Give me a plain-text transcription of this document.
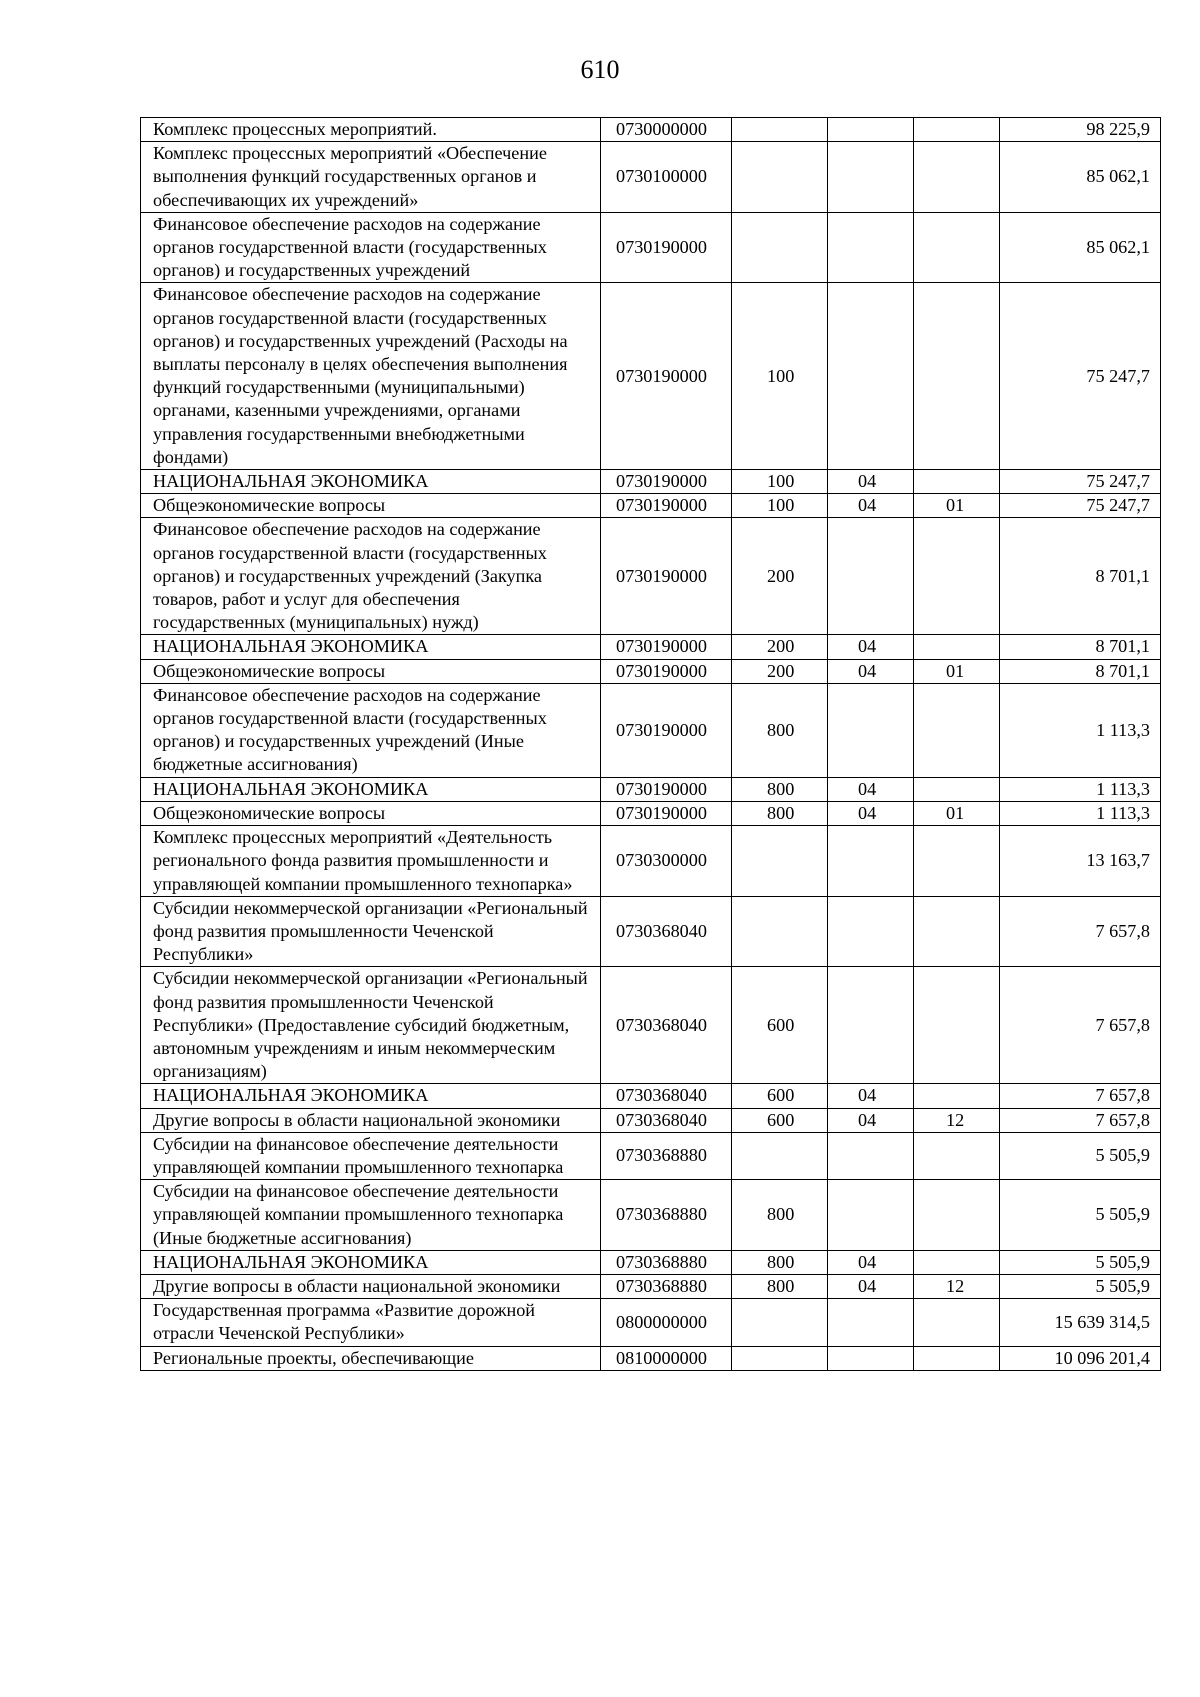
610
Комплекс процессных мероприятий.	0730000000				98 225,9
Комплекс процессных мероприятий «Обеспечение выполнения функций государственных органов и обеспечивающих их учреждений»	0730100000				85 062,1
Финансовое обеспечение расходов на содержание органов государственной власти (государственных органов) и государственных учреждений	0730190000				85 062,1
Финансовое обеспечение расходов на содержание органов государственной власти (государственных органов) и государственных учреждений (Расходы на выплаты персоналу в целях обеспечения выполнения функций государственными (муниципальными) органами, казенными учреждениями, органами управления государственными внебюджетными фондами)	0730190000	100			75 247,7
НАЦИОНАЛЬНАЯ ЭКОНОМИКА	0730190000	100	04		75 247,7
Общеэкономические вопросы	0730190000	100	04	01	75 247,7
Финансовое обеспечение расходов на содержание органов государственной власти (государственных органов) и государственных учреждений (Закупка товаров, работ и услуг для обеспечения государственных (муниципальных) нужд)	0730190000	200			8 701,1
НАЦИОНАЛЬНАЯ ЭКОНОМИКА	0730190000	200	04		8 701,1
Общеэкономические вопросы	0730190000	200	04	01	8 701,1
Финансовое обеспечение расходов на содержание органов государственной власти (государственных органов) и государственных учреждений (Иные бюджетные ассигнования)	0730190000	800			1 113,3
НАЦИОНАЛЬНАЯ ЭКОНОМИКА	0730190000	800	04		1 113,3
Общеэкономические вопросы	0730190000	800	04	01	1 113,3
Комплекс процессных мероприятий «Деятельность регионального фонда развития промышленности и управляющей компании промышленного технопарка»	0730300000				13 163,7
Субсидии некоммерческой организации «Региональный фонд развития промышленности Чеченской Республики»	0730368040				7 657,8
Субсидии некоммерческой организации «Региональный фонд развития промышленности Чеченской Республики» (Предоставление субсидий бюджетным, автономным учреждениям и иным некоммерческим организациям)	0730368040	600			7 657,8
НАЦИОНАЛЬНАЯ ЭКОНОМИКА	0730368040	600	04		7 657,8
Другие вопросы в области национальной экономики	0730368040	600	04	12	7 657,8
Субсидии на финансовое обеспечение деятельности управляющей компании промышленного технопарка	0730368880				5 505,9
Субсидии на финансовое обеспечение деятельности управляющей компании промышленного технопарка (Иные бюджетные ассигнования)	0730368880	800			5 505,9
НАЦИОНАЛЬНАЯ ЭКОНОМИКА	0730368880	800	04		5 505,9
Другие вопросы в области национальной экономики	0730368880	800	04	12	5 505,9
Государственная программа «Развитие дорожной отрасли Чеченской Республики»	0800000000				15 639 314,5
Региональные проекты, обеспечивающие	0810000000				10 096 201,4
